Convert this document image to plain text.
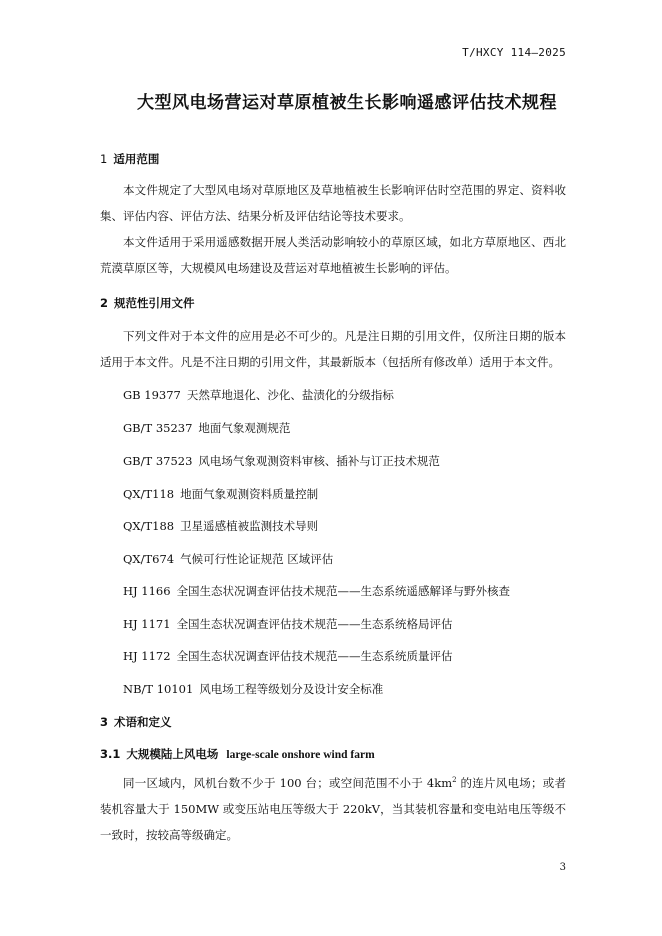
T/HXCY 114—2025
大型风电场营运对草原植被生长影响遥感评估技术规程
1 适用范围
本文件规定了大型风电场对草原地区及草地植被生长影响评估时空范围的界定、资料收集、评估内容、评估方法、结果分析及评估结论等技术要求。
本文件适用于采用遥感数据开展人类活动影响较小的草原区域，如北方草原地区、西北荒漠草原区等，大规模风电场建设及营运对草地植被生长影响的评估。
2 规范性引用文件
下列文件对于本文件的应用是必不可少的。凡是注日期的引用文件，仅所注日期的版本适用于本文件。凡是不注日期的引用文件，其最新版本（包括所有修改单）适用于本文件。
GB 19377 天然草地退化、沙化、盐渍化的分级指标
GB/T 35237 地面气象观测规范
GB/T 37523 风电场气象观测资料审核、插补与订正技术规范
QX/T118 地面气象观测资料质量控制
QX/T188 卫星遥感植被监测技术导则
QX/T674 气候可行性论证规范 区域评估
HJ 1166 全国生态状况调查评估技术规范——生态系统遥感解译与野外核查
HJ 1171 全国生态状况调查评估技术规范——生态系统格局评估
HJ 1172 全国生态状况调查评估技术规范——生态系统质量评估
NB/T 10101 风电场工程等级划分及设计安全标准
3 术语和定义
3.1 大规模陆上风电场 large-scale onshore wind farm
同一区域内，风机台数不少于 100 台；或空间范围不小于 $4km^2$ 的连片风电场；或者装机容量大于 150MW 或变压站电压等级大于 220kV，当其装机容量和变电站电压等级不一致时，按较高等级确定。
3
